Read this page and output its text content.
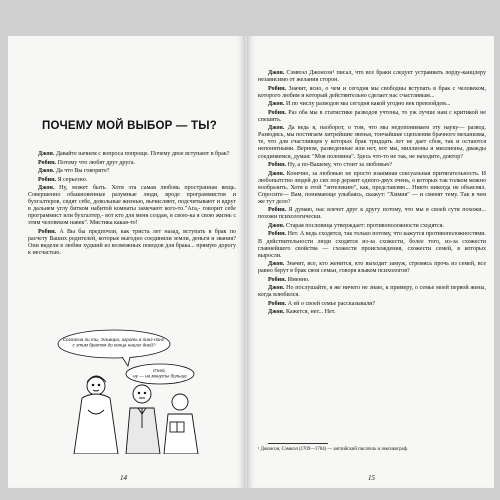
ПОЧЕМУ МОЙ ВЫБОР — ТЫ?

Джон. Давайте начнем с вопроса попроще. Почему двое вступают в брак?

Робин. Потому что любят друг друга.

Джон. Да что Вы говорите?

Робин. Я серьезно.

Джон. Ну, может быть. Хотя эта самая любовь пространная вещь. Совершенно обыкновенные разумные люди, вроде программистов и бухгалтеров, сидят себе, довольные жизнью, вычисляют, подсчитывают и вдруг в дальнем углу битком набитой комнаты замечают кого-то."Ага,- говорит себе программист или бухгалтер,- вот кто для меня создан, в свою-ка я свою жизнь с этим человеком навек". Мистика какая-то!

Робин. А Вы бы предпочли, как триста лет назад, вступать в брак по расчету Ваших родителей, которые выгодно соединили земли, деньги и звания? Они видели в любви худший из возможных поводов для брака... прямую дорогу к несчастью.

Согласна ли ты, Эльвира, играть в пинг-понг с этим братом до конца наших дней?
О'кей, ну — на минуты больше
14

Джон. Сэмюэл Джонсон¹ писал, что все браки следует устраивать лорду-канцлеру независимо от желания сторон.

Робин. Значит, ясно, о чем и сегодня мы свободны вступать в брак с человеком, которого любим и который действительно сделает нас счастливым...

Джон. И по числу разводов мы сегодня какой угодно век превзойдем...

Робин. Раз оба мы в статистике разводов учтены, то уж лучше нам с критикой не спешить.

Джон. Да ведь я, наоборот, о том, что мы недопонимаем эту науку— развод. Разводясь, мы постигаем хитрейшие звенья, тончайшие сцепления брачного механизма, те, что для счастливцев у которых брак тридцать лет не дает сбоя, так и остаются непонятными. Верном, разведенные или нет, вот мы, миллионы и миллионы, дважды соединяемся, думая: "Моя половина". Здесь что-то не так, не находите, доктор?

Робин. Ну, а по-Вашему, что стоит за любовью?

Джон. Конечно, за любовью не просто взаимная сексуальная притягательность. И любопытство людей до сих пор держит одного-двух очень, о которых так толком можно вообразить. Хотя в этой "энтелекию", как, представляю... Никто никогда не объяснял. Спросите— Вам, понимающе улыбаясь, скажут: "Химия" — и сменят тему. Так в чем же тут дело?

Робин. Я думаю, нас влечет друг к другу потому, что мы в своей сути похожи... похожи психологически.

Джон. Старая пословица утверждает: противоположности сходятся.

Робин. Нет. А ведь сходятся, так только потому, что кажутся противоположностями. В действительности люди сходятся из-за схожести, более того, из-за схожести главнейшего свойства — схожести происхождения, схожести семей, в которых выросли.

Джон. Значит, все, кто женится, кто выходит замуж, стремясь прочь из семей, все равно берут в брак свои семьи, говоря языком психологов?

Робин. Именно.

Джон. Но послушайте, я же ничего не знаю, к примеру, о семье моей первой жены, когда влюбился.

Робин. А ей о своей семье рассказывали?

Джон. Кажется, нет... Нет.

¹ Джонсон, Сэмюэл (1709—1784) — английский писатель и лексикограф.
15
